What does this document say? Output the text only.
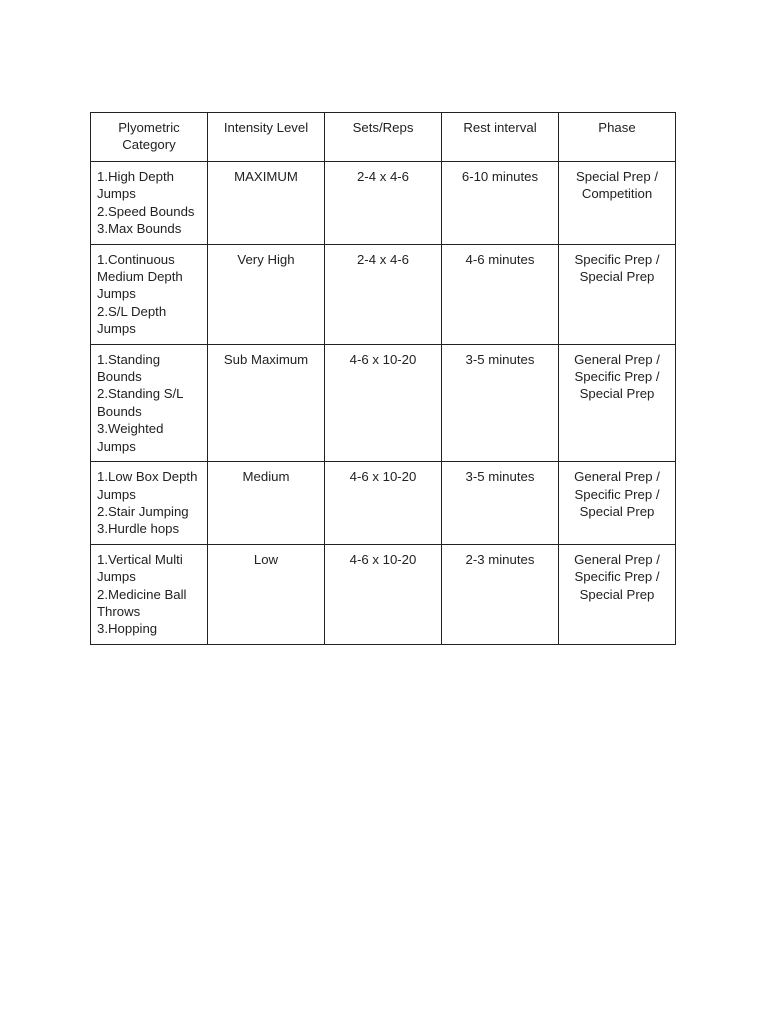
Plyometric Category	Intensity Level	Sets/Reps	Rest interval	Phase

1.High Depth Jumps
2.Speed Bounds
3.Max Bounds	MAXIMUM	2-4 x 4-6	6-10 minutes	Special Prep / Competition

1.Continuous Medium Depth Jumps
2.S/L Depth Jumps	Very High	2-4 x 4-6	4-6 minutes	Specific Prep / Special Prep

1.Standing Bounds
2.Standing S/L Bounds
3.Weighted Jumps	Sub Maximum	4-6 x 10-20	3-5 minutes	General Prep / Specific Prep / Special Prep

1.Low Box Depth Jumps
2.Stair Jumping
3.Hurdle hops	Medium	4-6 x 10-20	3-5 minutes	General Prep / Specific Prep / Special Prep

1.Vertical Multi Jumps
2.Medicine Ball Throws
3.Hopping	Low	4-6 x 10-20	2-3 minutes	General Prep / Specific Prep / Special Prep
